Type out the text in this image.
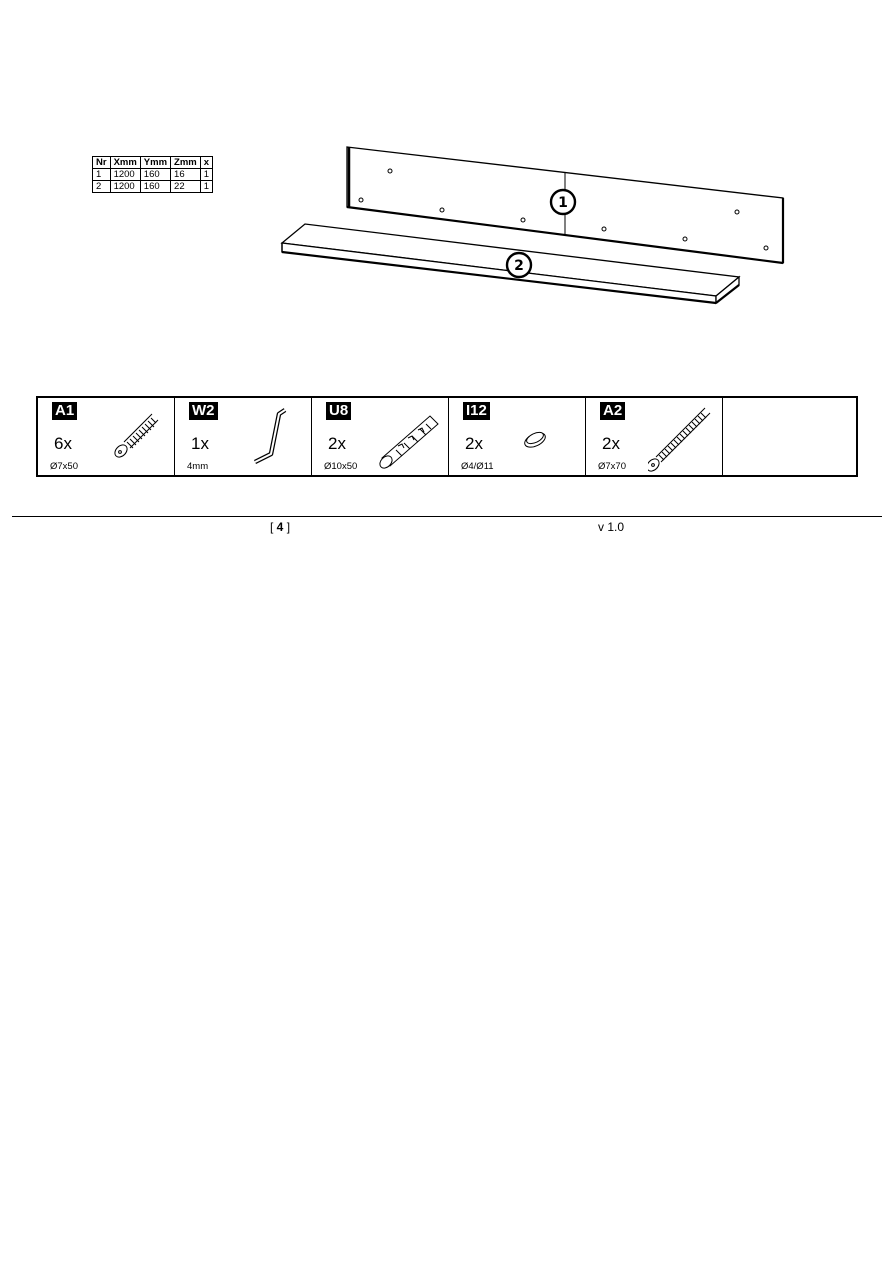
Nr	Xmm	Ymm	Zmm	x
1	1200	160	16	1
2	1200	160	22	1
1
2
A1
6x
Ø7x50
W2
1x
4mm
U8
2x
Ø10x50
I12
2x
Ø4/Ø11
A2
2x
Ø7x70
[ 4 ]	v 1.0
